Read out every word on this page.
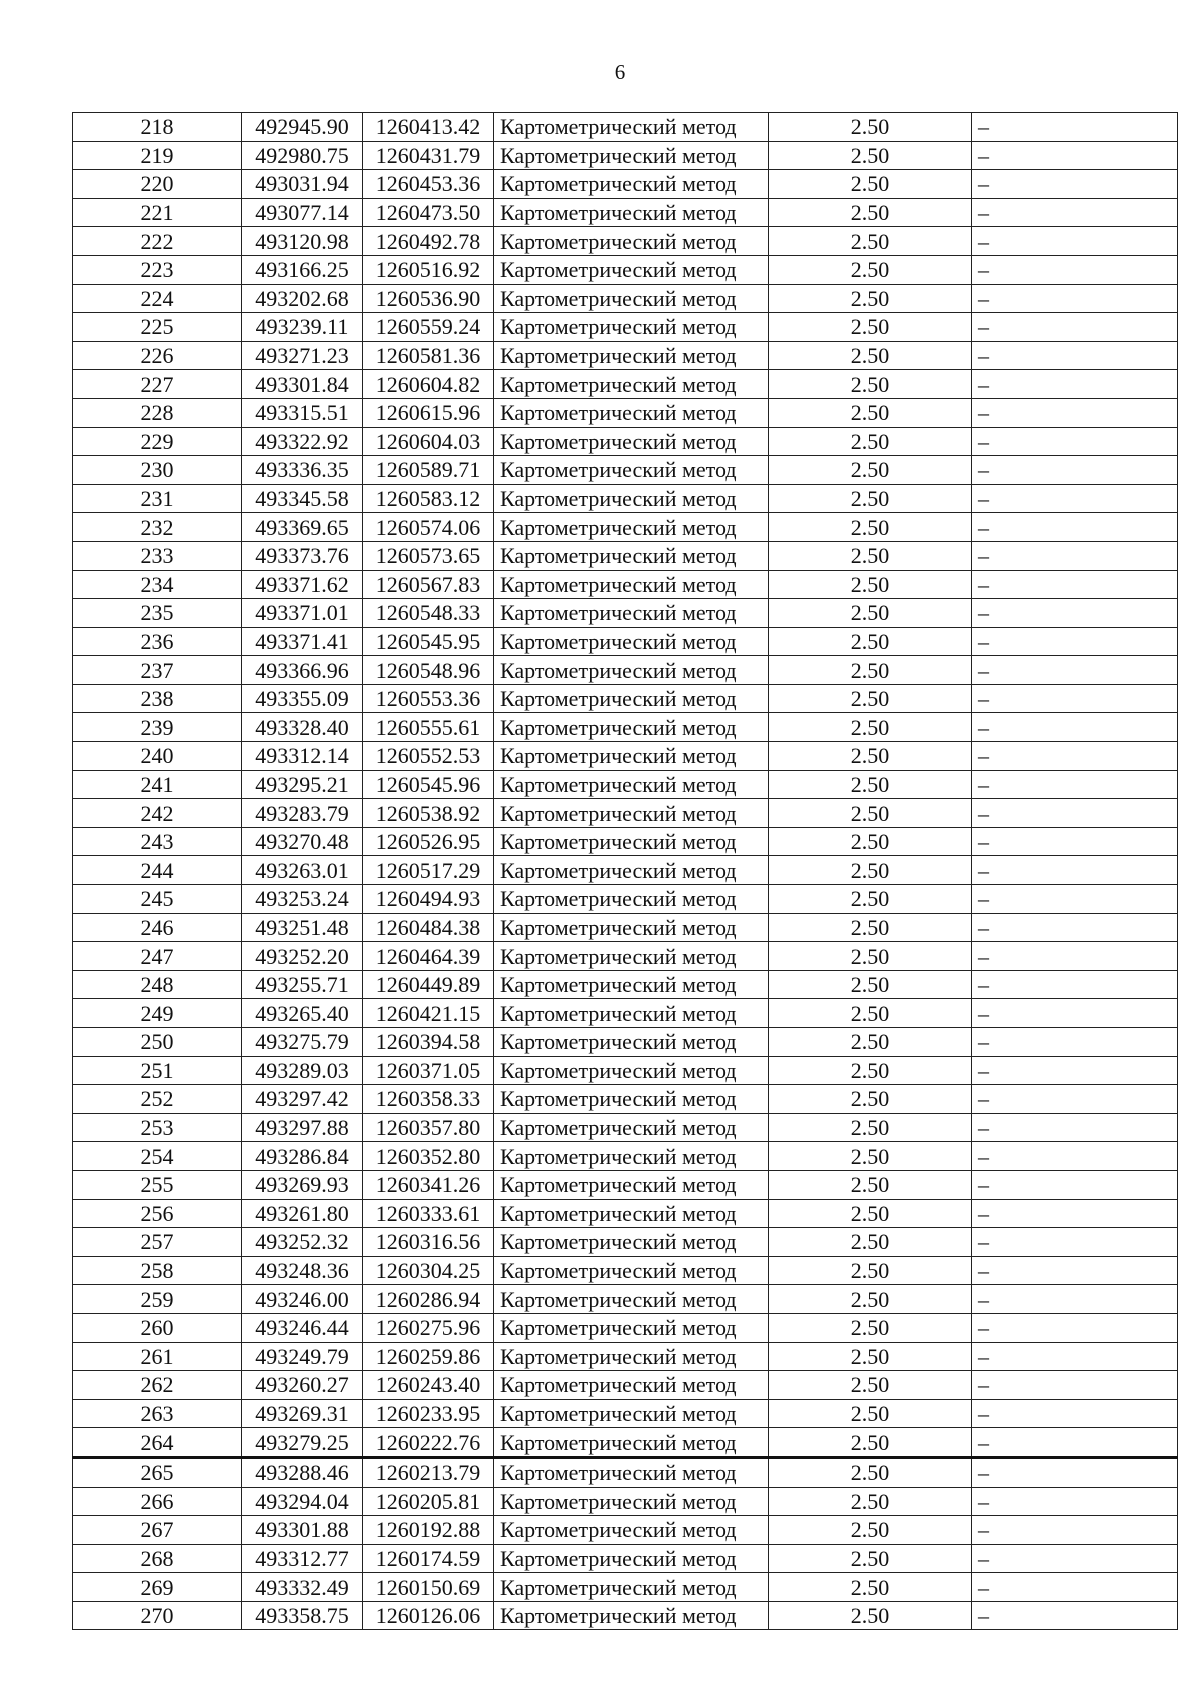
6
218	492945.90	1260413.42	Картометрический метод	2.50	–
219	492980.75	1260431.79	Картометрический метод	2.50	–
220	493031.94	1260453.36	Картометрический метод	2.50	–
221	493077.14	1260473.50	Картометрический метод	2.50	–
222	493120.98	1260492.78	Картометрический метод	2.50	–
223	493166.25	1260516.92	Картометрический метод	2.50	–
224	493202.68	1260536.90	Картометрический метод	2.50	–
225	493239.11	1260559.24	Картометрический метод	2.50	–
226	493271.23	1260581.36	Картометрический метод	2.50	–
227	493301.84	1260604.82	Картометрический метод	2.50	–
228	493315.51	1260615.96	Картометрический метод	2.50	–
229	493322.92	1260604.03	Картометрический метод	2.50	–
230	493336.35	1260589.71	Картометрический метод	2.50	–
231	493345.58	1260583.12	Картометрический метод	2.50	–
232	493369.65	1260574.06	Картометрический метод	2.50	–
233	493373.76	1260573.65	Картометрический метод	2.50	–
234	493371.62	1260567.83	Картометрический метод	2.50	–
235	493371.01	1260548.33	Картометрический метод	2.50	–
236	493371.41	1260545.95	Картометрический метод	2.50	–
237	493366.96	1260548.96	Картометрический метод	2.50	–
238	493355.09	1260553.36	Картометрический метод	2.50	–
239	493328.40	1260555.61	Картометрический метод	2.50	–
240	493312.14	1260552.53	Картометрический метод	2.50	–
241	493295.21	1260545.96	Картометрический метод	2.50	–
242	493283.79	1260538.92	Картометрический метод	2.50	–
243	493270.48	1260526.95	Картометрический метод	2.50	–
244	493263.01	1260517.29	Картометрический метод	2.50	–
245	493253.24	1260494.93	Картометрический метод	2.50	–
246	493251.48	1260484.38	Картометрический метод	2.50	–
247	493252.20	1260464.39	Картометрический метод	2.50	–
248	493255.71	1260449.89	Картометрический метод	2.50	–
249	493265.40	1260421.15	Картометрический метод	2.50	–
250	493275.79	1260394.58	Картометрический метод	2.50	–
251	493289.03	1260371.05	Картометрический метод	2.50	–
252	493297.42	1260358.33	Картометрический метод	2.50	–
253	493297.88	1260357.80	Картометрический метод	2.50	–
254	493286.84	1260352.80	Картометрический метод	2.50	–
255	493269.93	1260341.26	Картометрический метод	2.50	–
256	493261.80	1260333.61	Картометрический метод	2.50	–
257	493252.32	1260316.56	Картометрический метод	2.50	–
258	493248.36	1260304.25	Картометрический метод	2.50	–
259	493246.00	1260286.94	Картометрический метод	2.50	–
260	493246.44	1260275.96	Картометрический метод	2.50	–
261	493249.79	1260259.86	Картометрический метод	2.50	–
262	493260.27	1260243.40	Картометрический метод	2.50	–
263	493269.31	1260233.95	Картометрический метод	2.50	–
264	493279.25	1260222.76	Картометрический метод	2.50	–
265	493288.46	1260213.79	Картометрический метод	2.50	–
266	493294.04	1260205.81	Картометрический метод	2.50	–
267	493301.88	1260192.88	Картометрический метод	2.50	–
268	493312.77	1260174.59	Картометрический метод	2.50	–
269	493332.49	1260150.69	Картометрический метод	2.50	–
270	493358.75	1260126.06	Картометрический метод	2.50	–
